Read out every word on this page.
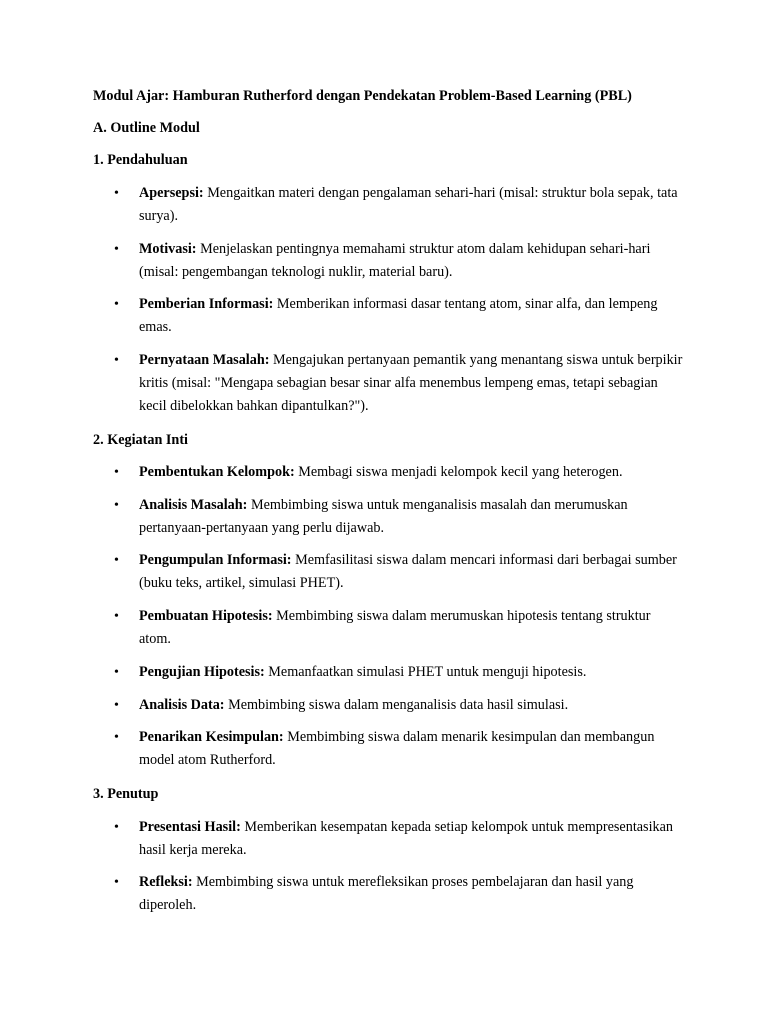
Modul Ajar: Hamburan Rutherford dengan Pendekatan Problem-Based Learning (PBL)
A. Outline Modul
1. Pendahuluan
• Apersepsi: Mengaitkan materi dengan pengalaman sehari-hari (misal: struktur bola sepak, tata surya).
• Motivasi: Menjelaskan pentingnya memahami struktur atom dalam kehidupan sehari-hari (misal: pengembangan teknologi nuklir, material baru).
• Pemberian Informasi: Memberikan informasi dasar tentang atom, sinar alfa, dan lempeng emas.
• Pernyataan Masalah: Mengajukan pertanyaan pemantik yang menantang siswa untuk berpikir kritis (misal: "Mengapa sebagian besar sinar alfa menembus lempeng emas, tetapi sebagian kecil dibelokkan bahkan dipantulkan?").
2. Kegiatan Inti
• Pembentukan Kelompok: Membagi siswa menjadi kelompok kecil yang heterogen.
• Analisis Masalah: Membimbing siswa untuk menganalisis masalah dan merumuskan pertanyaan-pertanyaan yang perlu dijawab.
• Pengumpulan Informasi: Memfasilitasi siswa dalam mencari informasi dari berbagai sumber (buku teks, artikel, simulasi PHET).
• Pembuatan Hipotesis: Membimbing siswa dalam merumuskan hipotesis tentang struktur atom.
• Pengujian Hipotesis: Memanfaatkan simulasi PHET untuk menguji hipotesis.
• Analisis Data: Membimbing siswa dalam menganalisis data hasil simulasi.
• Penarikan Kesimpulan: Membimbing siswa dalam menarik kesimpulan dan membangun model atom Rutherford.
3. Penutup
• Presentasi Hasil: Memberikan kesempatan kepada setiap kelompok untuk mempresentasikan hasil kerja mereka.
• Refleksi: Membimbing siswa untuk merefleksikan proses pembelajaran dan hasil yang diperoleh.
